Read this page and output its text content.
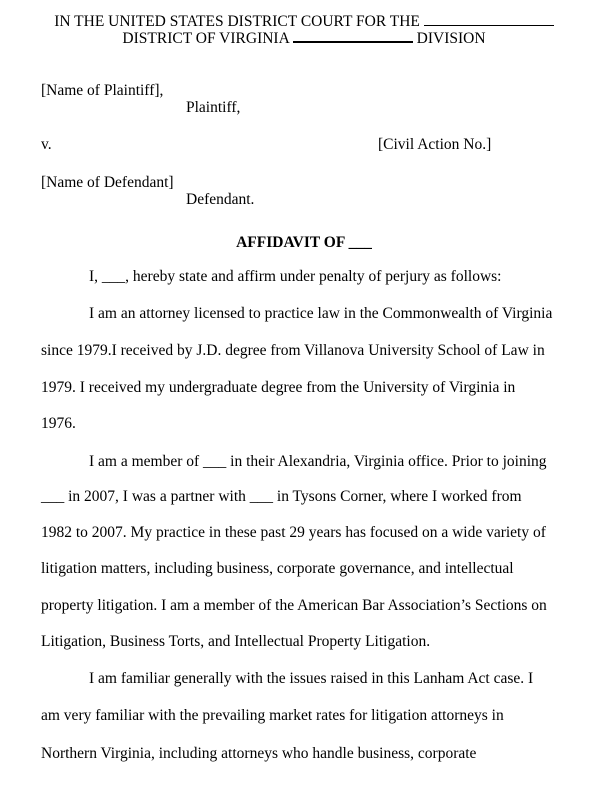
IN THE UNITED STATES DISTRICT COURT FOR THE
DISTRICT OF VIRGINIA	DIVISION
[Name of Plaintiff],
Plaintiff,
v.	[Civil Action No.]
[Name of Defendant]
Defendant.
AFFIDAVIT OF ___
I, ___, hereby state and affirm under penalty of perjury as follows:
I am an attorney licensed to practice law in the Commonwealth of Virginia
since 1979.I received by J.D. degree from Villanova University School of Law in
1979. I received my undergraduate degree from the University of Virginia in
1976.
I am a member of ___ in their Alexandria, Virginia office. Prior to joining
___ in 2007, I was a partner with ___ in Tysons Corner, where I worked from
1982 to 2007. My practice in these past 29 years has focused on a wide variety of
litigation matters, including business, corporate governance, and intellectual
property litigation. I am a member of the American Bar Association’s Sections on
Litigation, Business Torts, and Intellectual Property Litigation.
I am familiar generally with the issues raised in this Lanham Act case. I
am very familiar with the prevailing market rates for litigation attorneys in
Northern Virginia, including attorneys who handle business, corporate
